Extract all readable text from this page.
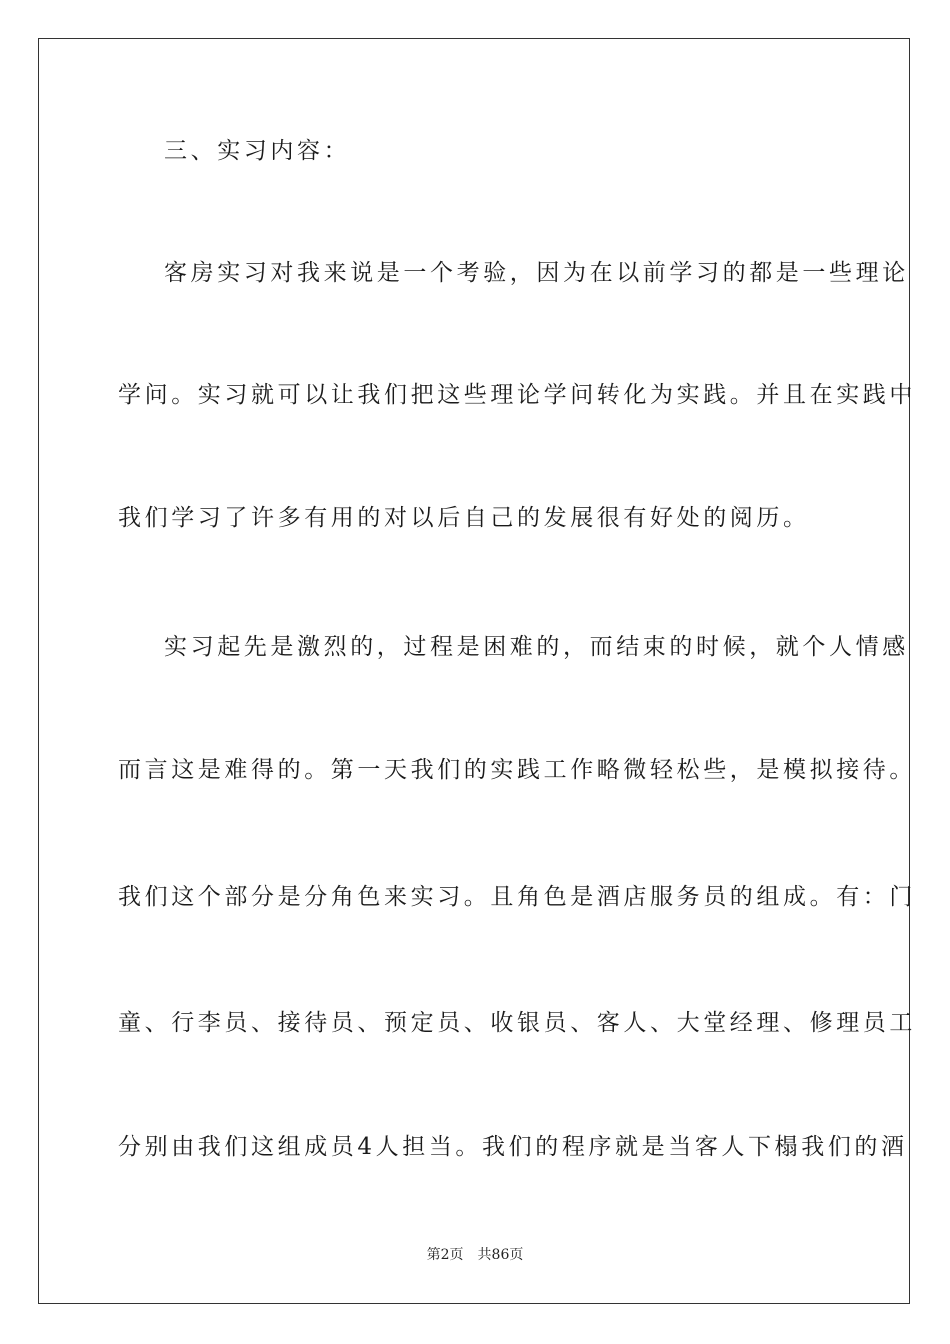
三、实习内容：
客房实习对我来说是一个考验，因为在以前学习的都是一些理论
学问。实习就可以让我们把这些理论学问转化为实践。并且在实践中
我们学习了许多有用的对以后自己的发展很有好处的阅历。
实习起先是激烈的，过程是困难的，而结束的时候，就个人情感
而言这是难得的。第一天我们的实践工作略微轻松些，是模拟接待。
我们这个部分是分角色来实习。且角色是酒店服务员的组成。有：门
童、行李员、接待员、预定员、收银员、客人、大堂经理、修理员工
分别由我们这组成员4人担当。我们的程序就是当客人下榻我们的酒
第2页 共86页
